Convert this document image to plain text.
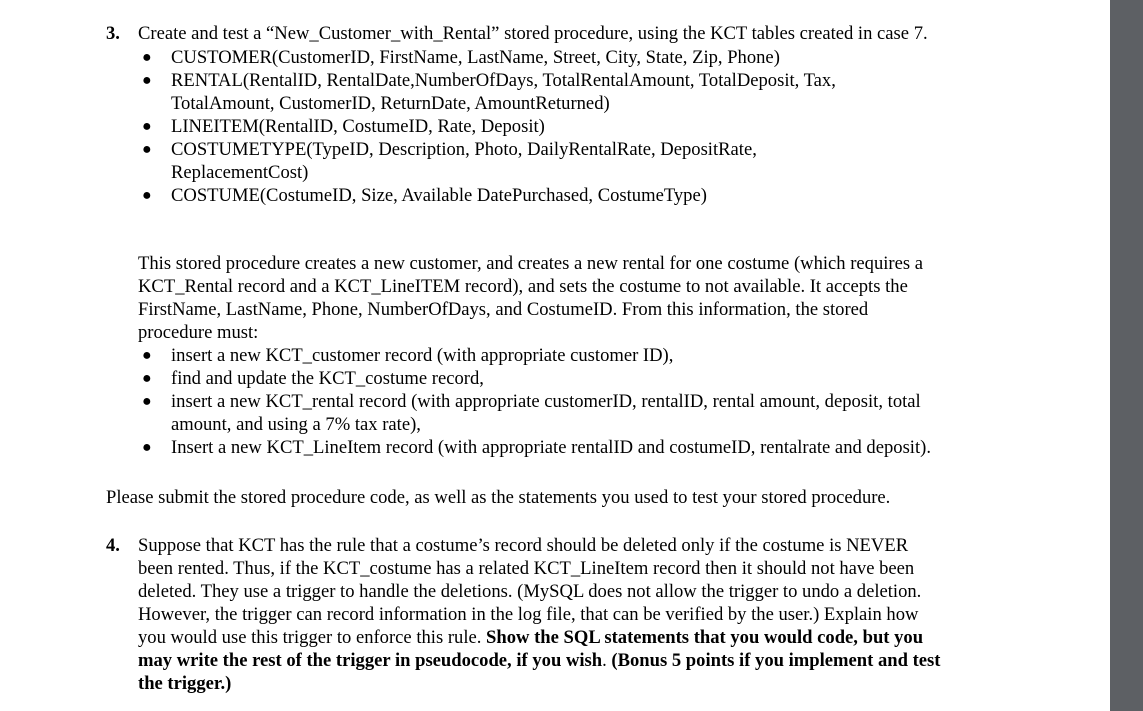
3. Create and test a “New_Customer_with_Rental” stored procedure, using the KCT tables created in case 7.
● CUSTOMER(CustomerID, FirstName, LastName, Street, City, State, Zip, Phone)
● RENTAL(RentalID, RentalDate,NumberOfDays, TotalRentalAmount, TotalDeposit, Tax,
TotalAmount, CustomerID, ReturnDate, AmountReturned)
● LINEITEM(RentalID, CostumeID, Rate, Deposit)
● COSTUMETYPE(TypeID, Description, Photo, DailyRentalRate, DepositRate,
ReplacementCost)
● COSTUME(CostumeID, Size, Available DatePurchased, CostumeType)
This stored procedure creates a new customer, and creates a new rental for one costume (which requires a
KCT_Rental record and a KCT_LineITEM record), and sets the costume to not available. It accepts the
FirstName, LastName, Phone, NumberOfDays, and CostumeID. From this information, the stored
procedure must:
● insert a new KCT_customer record (with appropriate customer ID),
● find and update the KCT_costume record,
● insert a new KCT_rental record (with appropriate customerID, rentalID, rental amount, deposit, total
amount, and using a 7% tax rate),
● Insert a new KCT_LineItem record (with appropriate rentalID and costumeID, rentalrate and deposit).
Please submit the stored procedure code, as well as the statements you used to test your stored procedure.
4. Suppose that KCT has the rule that a costume’s record should be deleted only if the costume is NEVER
been rented. Thus, if the KCT_costume has a related KCT_LineItem record then it should not have been
deleted. They use a trigger to handle the deletions. (MySQL does not allow the trigger to undo a deletion.
However, the trigger can record information in the log file, that can be verified by the user.) Explain how
you would use this trigger to enforce this rule. Show the SQL statements that you would code, but you
may write the rest of the trigger in pseudocode, if you wish. (Bonus 5 points if you implement and test
the trigger.)
